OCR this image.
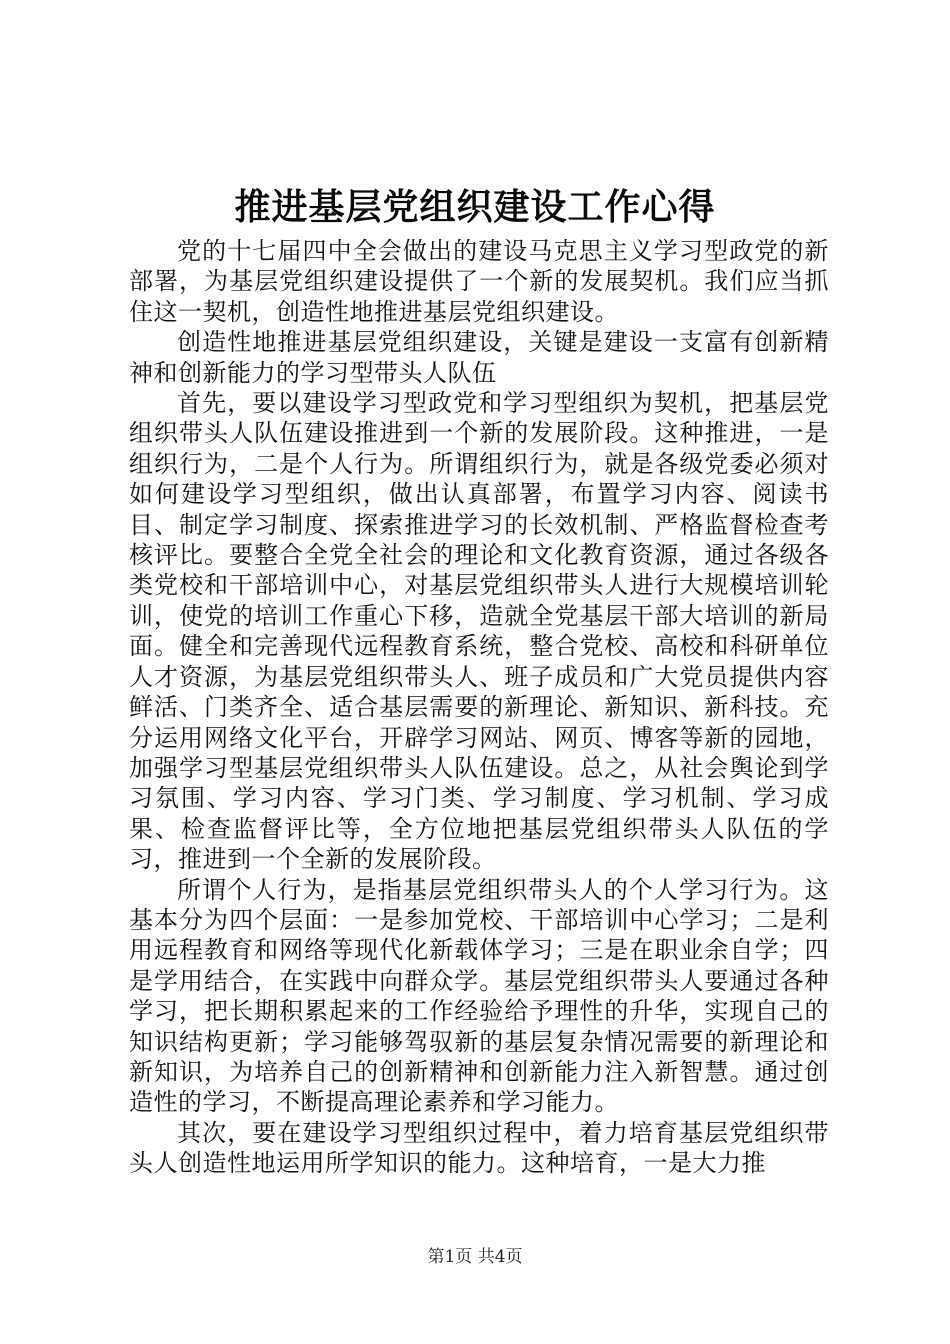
推进基层党组织建设工作心得

党的十七届四中全会做出的建设马克思主义学习型政党的新部署，为基层党组织建设提供了一个新的发展契机。我们应当抓住这一契机，创造性地推进基层党组织建设。

创造性地推进基层党组织建设，关键是建设一支富有创新精神和创新能力的学习型带头人队伍

首先，要以建设学习型政党和学习型组织为契机，把基层党组织带头人队伍建设推进到一个新的发展阶段。这种推进，一是组织行为，二是个人行为。所谓组织行为，就是各级党委必须对如何建设学习型组织，做出认真部署，布置学习内容、阅读书目、制定学习制度、探索推进学习的长效机制、严格监督检查考核评比。要整合全党全社会的理论和文化教育资源，通过各级各类党校和干部培训中心，对基层党组织带头人进行大规模培训轮训，使党的培训工作重心下移，造就全党基层干部大培训的新局面。健全和完善现代远程教育系统，整合党校、高校和科研单位人才资源，为基层党组织带头人、班子成员和广大党员提供内容鲜活、门类齐全、适合基层需要的新理论、新知识、新科技。充分运用网络文化平台，开辟学习网站、网页、博客等新的园地，加强学习型基层党组织带头人队伍建设。总之，从社会舆论到学习氛围、学习内容、学习门类、学习制度、学习机制、学习成果、检查监督评比等，全方位地把基层党组织带头人队伍的学习，推进到一个全新的发展阶段。

所谓个人行为，是指基层党组织带头人的个人学习行为。这基本分为四个层面：一是参加党校、干部培训中心学习；二是利用远程教育和网络等现代化新载体学习；三是在职业余自学；四是学用结合，在实践中向群众学。基层党组织带头人要通过各种学习，把长期积累起来的工作经验给予理性的升华，实现自己的知识结构更新；学习能够驾驭新的基层复杂情况需要的新理论和新知识，为培养自己的创新精神和创新能力注入新智慧。通过创造性的学习，不断提高理论素养和学习能力。

其次，要在建设学习型组织过程中，着力培育基层党组织带头人创造性地运用所学知识的能力。这种培育，一是大力推

第1页 共4页
